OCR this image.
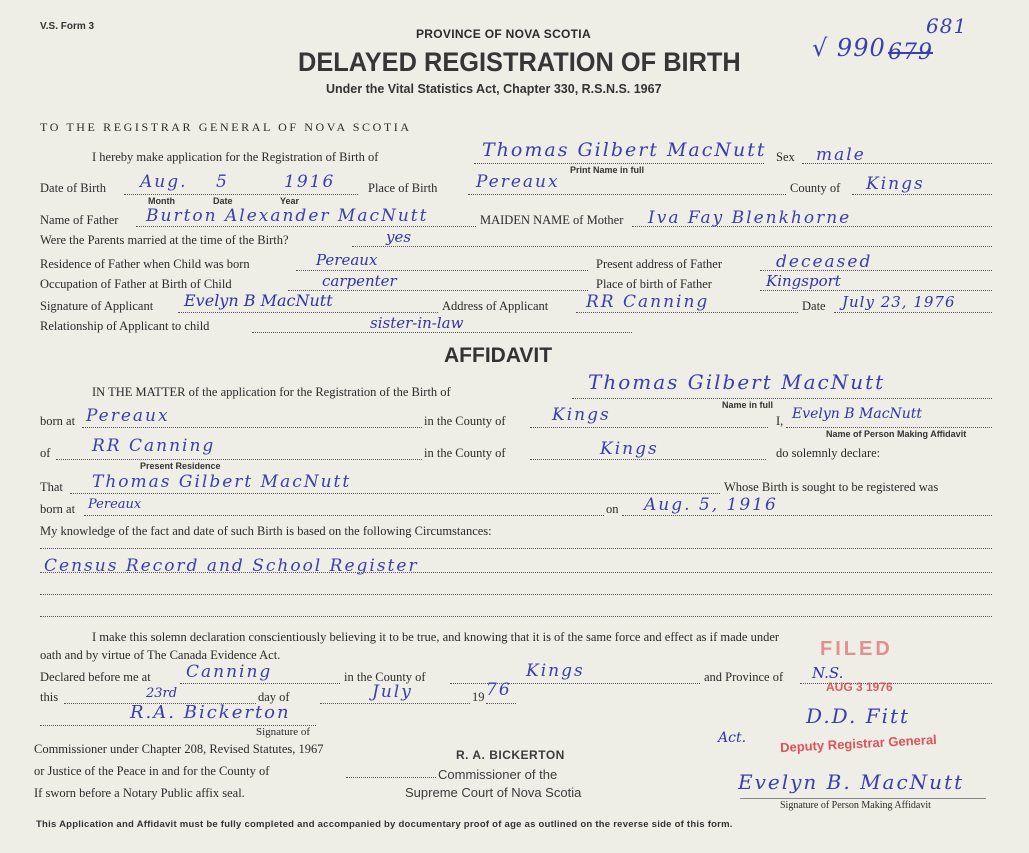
V.S. Form 3
PROVINCE OF NOVA SCOTIA
DELAYED REGISTRATION OF BIRTH
Under the Vital Statistics Act, Chapter 330, R.S.N.S. 1967
√ 990 679
681
TO THE REGISTRAR GENERAL OF NOVA SCOTIA
I hereby make application for the Registration of Birth of	Thomas Gilbert MacNutt
Print Name in full
Sex male
Date of Birth Aug. 5	1916
Month	Date	Year
Place of Birth Pereaux	County of Kings
Name of Father Burton Alexander MacNutt	MAIDEN NAME of Mother Iva Fay Blenkhorne
Were the Parents married at the time of the Birth?	yes
Residence of Father when Child was born	Pereaux	Present address of Father	deceased
Occupation of Father at Birth of Child	carpenter	Place of birth of Father	Kingsport
Signature of Applicant Evelyn B MacNutt	Address of Applicant RR Canning	Date July 23, 1976
Relationship of Applicant to child	sister-in-law
AFFIDAVIT
IN THE MATTER of the application for the Registration of the Birth of	Thomas Gilbert MacNutt
Name in full
born at Pereaux	in the County of	Kings	I, Evelyn B MacNutt
Name of Person Making Affidavit
of RR Canning
Present Residence
in the County of	Kings	do solemnly declare:
That Thomas Gilbert MacNutt	Whose Birth is sought to be registered was
born at Pereaux	on Aug. 5, 1916
My knowledge of the fact and date of such Birth is based on the following Circumstances:
Census Record and School Register
I make this solemn declaration conscientiously believing it to be true, and knowing that it is of the same force and effect as if made under
oath and by virtue of The Canada Evidence Act.
Declared before me at Canning	in the County of	Kings	and Province of N.S.
this	23rd	day of	July	19 76
R.A. Bickerton
Signature of
Commissioner under Chapter 208, Revised Statutes, 1967
or Justice of the Peace in and for the County of
If sworn before a Notary Public affix seal.
R. A. BICKERTON
Commissioner of the
Supreme Court of Nova Scotia
FILED
AUG 3 1976
Act.
D.D. Fitt
Deputy Registrar General
Evelyn B. MacNutt
Signature of Person Making Affidavit
This Application and Affidavit must be fully completed and accompanied by documentary proof of age as outlined on the reverse side of this form.
